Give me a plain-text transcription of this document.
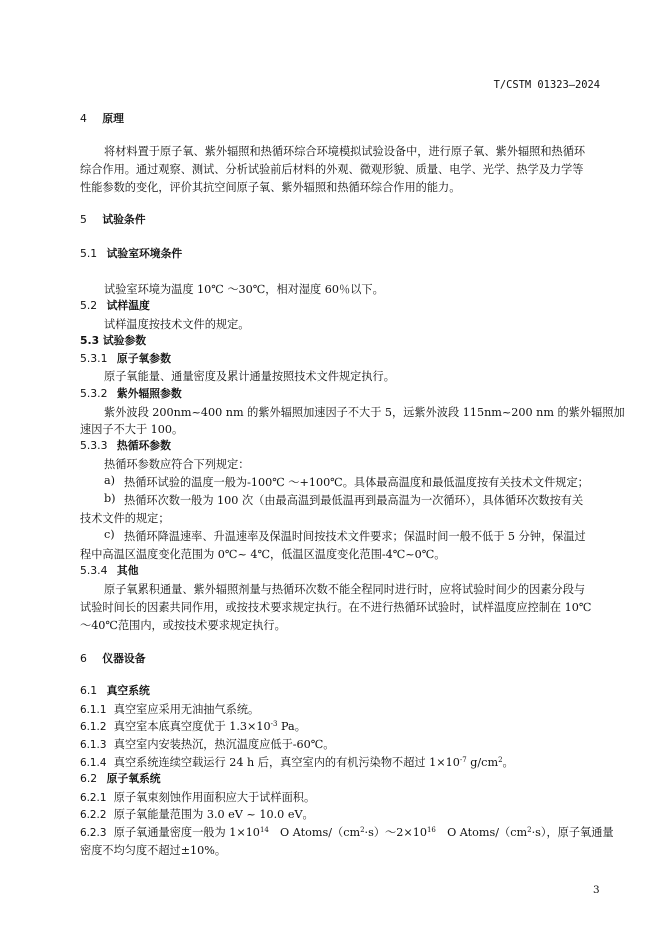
T/CSTM 01323—2024
4 原理
将材料置于原子氧、紫外辐照和热循环综合环境模拟试验设备中，进行原子氧、紫外辐照和热循环
综合作用。通过观察、测试、分析试验前后材料的外观、微观形貌、质量、电学、光学、热学及力学等
性能参数的变化，评价其抗空间原子氧、紫外辐照和热循环综合作用的能力。
5 试验条件
5.1 试验室环境条件
试验室环境为温度 10℃ ～30℃，相对湿度 60％以下。
5.2 试样温度
试样温度按技术文件的规定。
5.3 试验参数
5.3.1 原子氧参数
原子氧能量、通量密度及累计通量按照技术文件规定执行。
5.3.2 紫外辐照参数
紫外波段 200nm~400 nm 的紫外辐照加速因子不大于 5，远紫外波段 115nm~200 nm 的紫外辐照加
速因子不大于 100。
5.3.3 热循环参数
热循环参数应符合下列规定：
a) 热循环试验的温度一般为-100℃ ～+100℃。具体最高温度和最低温度按有关技术文件规定；
b) 热循环次数一般为 100 次（由最高温到最低温再到最高温为一次循环），具体循环次数按有关
技术文件的规定；
c) 热循环降温速率、升温速率及保温时间按技术文件要求；保温时间一般不低于 5 分钟，保温过
程中高温区温度变化范围为 0℃~ 4℃，低温区温度变化范围-4℃~0℃。
5.3.4 其他
原子氧累积通量、紫外辐照剂量与热循环次数不能全程同时进行时，应将试验时间少的因素分段与
试验时间长的因素共同作用，或按技术要求规定执行。在不进行热循环试验时，试样温度应控制在 10℃
～40℃范围内，或按技术要求规定执行。
6 仪器设备
6.1 真空系统
6.1.1 真空室应采用无油抽气系统。
6.1.2 真空室本底真空度优于 $1.3\times 10^{-3}$ Pa。
6.1.3 真空室内安装热沉，热沉温度应低于-60℃。
6.1.4 真空系统连续空载运行 24 h 后，真空室内的有机污染物不超过 $1\times 10^{-7}$ $g/cm^2$。
6.2 原子氧系统
6.2.1 原子氧束刻蚀作用面积应大于试样面积。
6.2.2 原子氧能量范围为 3.0 eV ~ 10.0 eV。
6.2.3 原子氧通量密度一般为 $1\times 10^{14}$　O Atoms/$(cm^2\cdot s)\sim 2\times 10^{16}$　O Atoms/$(cm^2\cdot s)$，原子氧通量
密度不均匀度不超过±10%。
3
